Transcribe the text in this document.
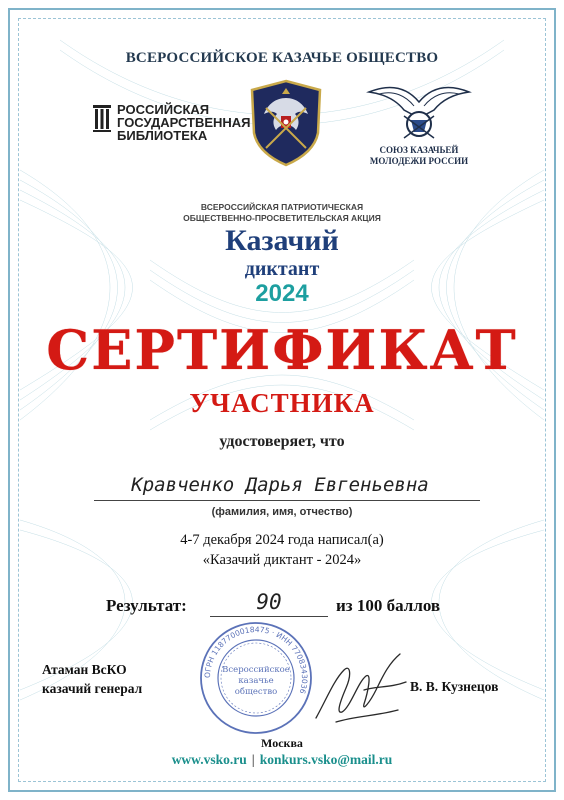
ВСЕРОССИЙСКОЕ КАЗАЧЬЕ ОБЩЕСТВО
РОССИЙСКАЯ
ГОСУДАРСТВЕННАЯ
БИБЛИОТЕКА
СОЮЗ КАЗАЧЬЕЙ
МОЛОДЕЖИ РОССИИ
ВСЕРОССИЙСКАЯ ПАТРИОТИЧЕСКАЯ
ОБЩЕСТВЕННО-ПРОСВЕТИТЕЛЬСКАЯ АКЦИЯ
Казачий
диктант
2024
СЕРТИФИКАТ
УЧАСТНИКА
удостоверяет, что
Кравченко Дарья Евгеньевна
(фамилия, имя, отчество)
4-7 декабря 2024 года написал(а)
«Казачий диктант - 2024»
Результат:	90	из 100 баллов
Атаман ВсКО
казачий генерал
ОГРН 1187700018475 · ИНН 7708343036
Всероссийское
казачье
общество	В. В. Кузнецов
Москва
www.vsko.ru | konkurs.vsko@mail.ru
